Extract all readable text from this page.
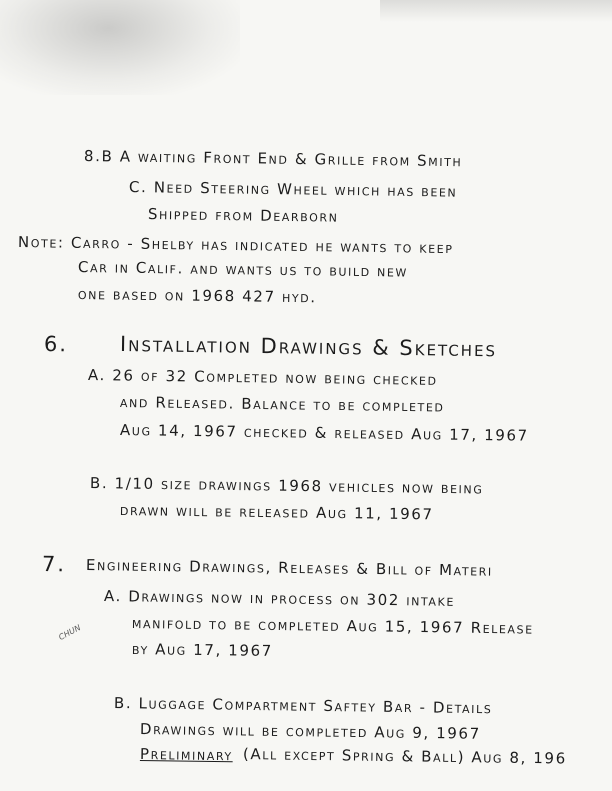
8.B A waiting Front End & Grille from Smith
C. Need Steering Wheel which has been
Shipped from Dearborn
Note: Carro - Shelby has indicated he wants to keep
Car in Calif. and wants us to build new
one based on 1968 427 hyd.
6. Installation Drawings & Sketches
A. 26 of 32 Completed now being checked
and Released. Balance to be completed
Aug 14, 1967 checked & released Aug 17, 1967
B. 1/10 size drawings 1968 vehicles now being
drawn will be released Aug 11, 1967
7. Engineering Drawings, Releases & Bill of Materi
A. Drawings now in process on 302 intake
manifold to be completed Aug 15, 1967 Release
by Aug 17, 1967
B. Luggage Compartment Saftey Bar - Details
Drawings will be completed Aug 9, 1967
Preliminary (All except Spring & Ball) Aug 8, 196
CHUN
